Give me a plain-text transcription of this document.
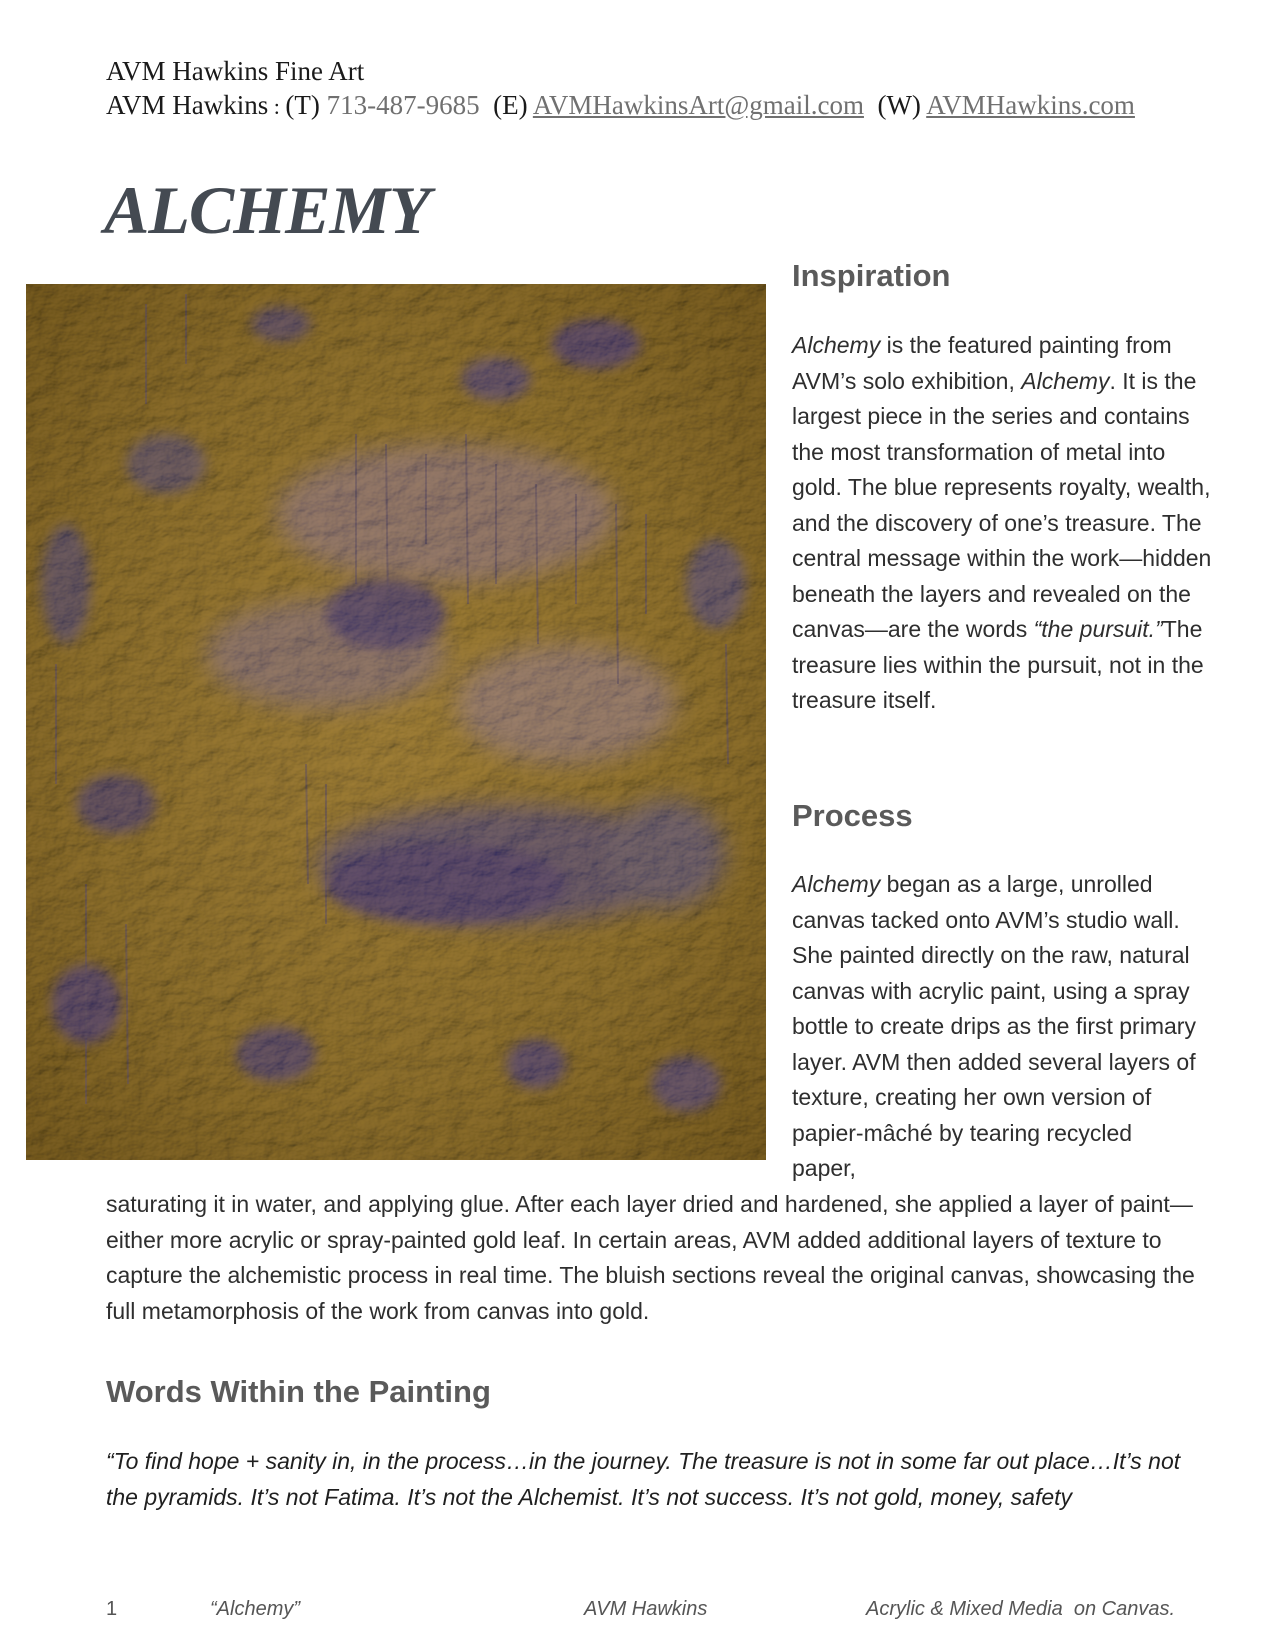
AVM Hawkins Fine Art
AVM Hawkins : (T) 713-487-9685 (E) AVMHawkinsArt@gmail.com (W) AVMHawkins.com
ALCHEMY
Inspiration

Alchemy is the featured painting from AVM’s solo exhibition, Alchemy. It is the largest piece in the series and contains the most transformation of metal into gold. The blue represents royalty, wealth, and the discovery of one’s treasure. The central message within the work—hidden beneath the layers and revealed on the canvas—are the words “the pursuit.”The treasure lies within the pursuit, not in the treasure itself.

Process

Alchemy began as a large, unrolled canvas tacked onto AVM’s studio wall. She painted directly on the raw, natural canvas with acrylic paint, using a spray bottle to create drips as the first primary layer. AVM then added several layers of texture, creating her own version of papier-mâché by tearing recycled paper,

saturating it in water, and applying glue. After each layer dried and hardened, she applied a layer of paint—either more acrylic or spray-painted gold leaf. In certain areas, AVM added additional layers of texture to capture the alchemistic process in real time. The bluish sections reveal the original canvas, showcasing the full metamorphosis of the work from canvas into gold.

Words Within the Painting

“To find hope + sanity in, in the process…in the journey. The treasure is not in some far out place…It’s not the pyramids. It’s not Fatima. It’s not the Alchemist. It’s not success. It’s not gold, money, safety

1	“Alchemy”	AVM Hawkins	Acrylic & Mixed Media  on Canvas.
